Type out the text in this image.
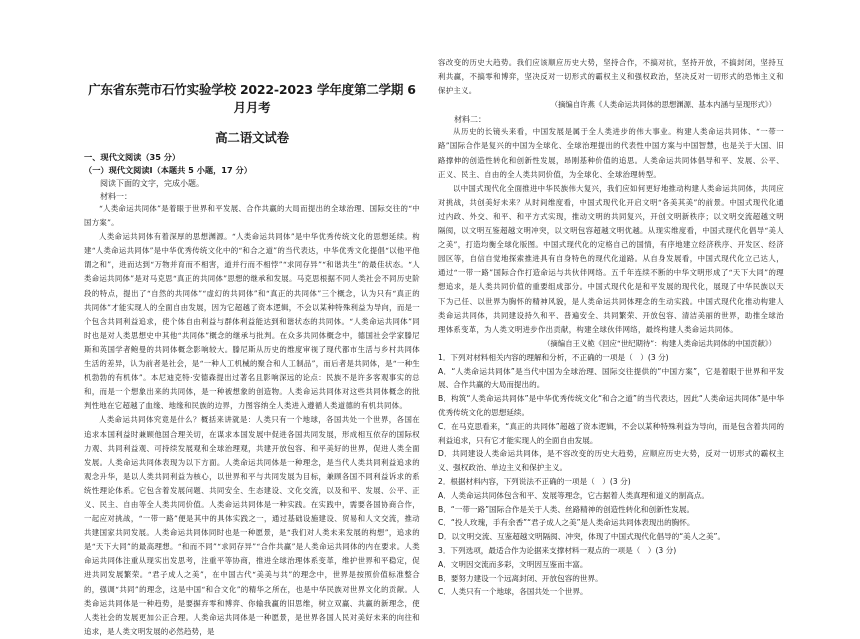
广东省东莞市石竹实验学校 2022-2023 学年度第二学期 6 月月考
高二语文试卷
一、现代文阅读（35 分）
（一）现代文阅读Ⅰ（本题共 5 小题，17 分）
阅读下面的文字，完成小题。
材料一：

“人类命运共同体”是着眼于世界和平发展、合作共赢的大局而提出的全球治理、国际交往的“中国方案”。

人类命运共同体有着深厚的思想渊源。“人类命运共同体”是中华优秀传统文化的思想延续。构建“人类命运共同体”是中华优秀传统文化中的“和合之道”的当代表达，中华优秀文化提倡“以他平他谓之和”，进而达到“万物并育而不相害，道并行而不相悖”“求同存异”“和谐共生”的最佳状态。“人类命运共同体”是对马克思“真正的共同体”思想的继承和发展。马克思根据不同人类社会不同历史阶段的特点，提出了“自然的共同体”“虚幻的共同体”和“真正的共同体”三个概念，认为只有“真正的共同体”才能实现人的全面自由发展，因为它超越了资本逻辑，不会以某种特殊利益为导向，而是一个包含共同利益追求，使个体自由利益与群体利益能达到和谐状态的共同体。“人类命运共同体”同时也是对人类思想史中其他“共同体”概念的继承与批判。在众多共同体概念中，德国社会学家滕尼斯和英国学者鲍曼的共同体概念影响较大。滕尼斯从历史的维度审视了现代都市生活与乡村共同体生活的差异，认为前者是社会，是“一种人工机械的聚合和人工制品”，而后者是共同体，是“一种生机勃勃的有机体”。本尼迪克特·安德森提出过著名且影响深远的论点：民族不是许多客观事实的总和，而是一个想象出来的共同体，是一种被想象的创造物。人类命运共同体对这些共同体概念的批判性地在它超越了血缘、地缘和民族的边界，力图容纳全人类进入遵循人类道德的有机共同体。

人类命运共同体究竟是什么？概括来讲就是：人类只有一个地球，各国共处一个世界，各国在追求本国利益时兼顾他国合理关切，在谋求本国发展中促进各国共同发展，形成相互依存的国际权力观、共同利益观、可持续发展观和全球治理观，共建开放包容、和平美好的世界，促进人类全面发展。人类命运共同体表现为以下方面。人类命运共同体是一种理念，是当代人类共同利益追求的观念升华，是以人类共同利益为核心，以世界和平与共同发展为目标，兼顾各国不同利益诉求的系统性理论体系。它包含着发展问题、共同安全、生态建设、文化交流，以及和平、发展、公平、正义、民主、自由等全人类共同价值。人类命运共同体是一种实践。在实践中，需要各国协商合作，一起应对挑战，“一带一路”便是其中的具体实践之一，通过基础设施建设、贸易和人文交流，推动共建国家共同发展。人类命运共同体同时也是一种愿景，是“我们对人类未来发展的构想”，追求的是“天下大同”的最高理想。“和而不同”“求同存异”“合作共赢”是人类命运共同体的内在要求。人类命运共同体注重从现实出发思考，注重平等协商，推进全球治理体系变革，维护世界和平稳定，促进共同发展繁荣。“君子成人之美”，在中国古代“美美与共”的理念中，世界是按照价值标准整合的，强调“共同”的理念，这是中国“和合文化”的精华之所在，也是中华民族对世界文化的贡献。人类命运共同体是一种趋势，是要摒弃零和博弈、你输我赢的旧思维，树立双赢、共赢的新理念，使人类社会的发展更加公正合理。人类命运共同体是一种愿景，是世界各国人民对美好未来的向往和追求，是人类文明发展的必然趋势，是

容改变的历史大趋势。我们应该顺应历史大势，坚持合作，不搞对抗，坚持开放，不搞封闭，坚持互利共赢，不搞零和博弈，坚决反对一切形式的霸权主义和强权政治，坚决反对一切形式的恐怖主义和保护主义。

（摘编自许燕《人类命运共同体的思想渊源、基本内涵与呈现形式》）

材料二：

从历史的长镜头来看，中国发展是属于全人类进步的伟大事业。构建人类命运共同体、“一带一路”国际合作是复兴的中国为全球化、全球治理提出的代表性中国方案与中国智慧，也是关于大国、旧路撑伸的创造性转化和创新性发展，昂刚基种价值的追思。人类命运共同体倡导和平、发展、公平、正义、民主、自由的全人类共同价值，为全球化、全球治理转型。

以中国式现代化全面推进中华民族伟大复兴，我们应如何更好地推动构建人类命运共同体，共同应对挑战，共创美好未来？从时间维度看，中国式现代化开启文明“各美其美”的前景。中国式现代化通过内政、外交、和平、和平方式实现，推动文明的共同复兴，开创文明新秩序；以文明交流超越文明隔阂，以文明互鉴超越文明冲突，以文明包容超越文明优越。从现实维度看，中国式现代化倡导“美人之美”，打造均衡全球化版图。中国式现代化的定格自己的国情，有序地建立经济秩序、开发区、经济园区等，自信自觉地探索推进具有自身特色的现代化道路。从自身发展看，中国式现代化立己达人，通过“一带一路”国际合作打造命运与共伙伴网络。五千年连续不断的中华文明形成了“天下大同”的理想追求，是人类共同价值的重要组成部分。中国式现代化是和平发展的现代化，展现了中华民族以天下为己任、以世界为胸怀的精神风貌，是人类命运共同体理念的生动实践。中国式现代化推动构建人类命运共同体，共同建设持久和平、普遍安全、共同繁荣、开放包容、清洁美丽的世界，助推全球治理体系变革，为人类文明进步作出贡献，构建全球伙伴网络，最终构建人类命运共同体。

（摘编自王义桅《回应“世纪期待”：构建人类命运共同体的中国贡献》）

1．下列对材料相关内容的理解和分析，不正确的一项是（　）(3 分)

A．“人类命运共同体”是当代中国为全球治理、国际交往提供的“中国方案”，它是着眼于世界和平发展、合作共赢的大局而提出的。

B．构筑“人类命运共同体”是中华优秀传统文化“和合之道”的当代表达，因此“人类命运共同体”是中华优秀传统文化的思想延续。

C．在马克思看来，“真正的共同体”超越了资本逻辑，不会以某种特殊利益为导向，而是包含着共同的利益追求，只有它才能实现人的全面自由发展。

D．共同建设人类命运共同体，是不容改变的历史大趋势，应顺应历史大势，反对一切形式的霸权主义、强权政治、单边主义和保护主义。

2．根据材料内容，下列说法不正确的一项是（　）(3 分)

A．人类命运共同体包含和平、发展等理念，它古据着人类真理和道义的制高点。

B．“一带一路”国际合作是关于人类、丝路精神的创造性转化和创新性发展。

C．“投人玫瑰，手有余香”“君子成人之美”是人类命运共同体表现出的胸怀。

D．以文明交流、互鉴超越文明隔阂、冲突，体现了中国式现代化倡导的“美人之美”。

3．下列选项，最适合作为论据来支撑材料一观点的一项是（　）(3 分)

A．文明因交流而多彩，文明因互鉴而丰富。

B．要努力建设一个远离封闭、开放包容的世界。

C．人类只有一个地球，各国共处一个世界。
